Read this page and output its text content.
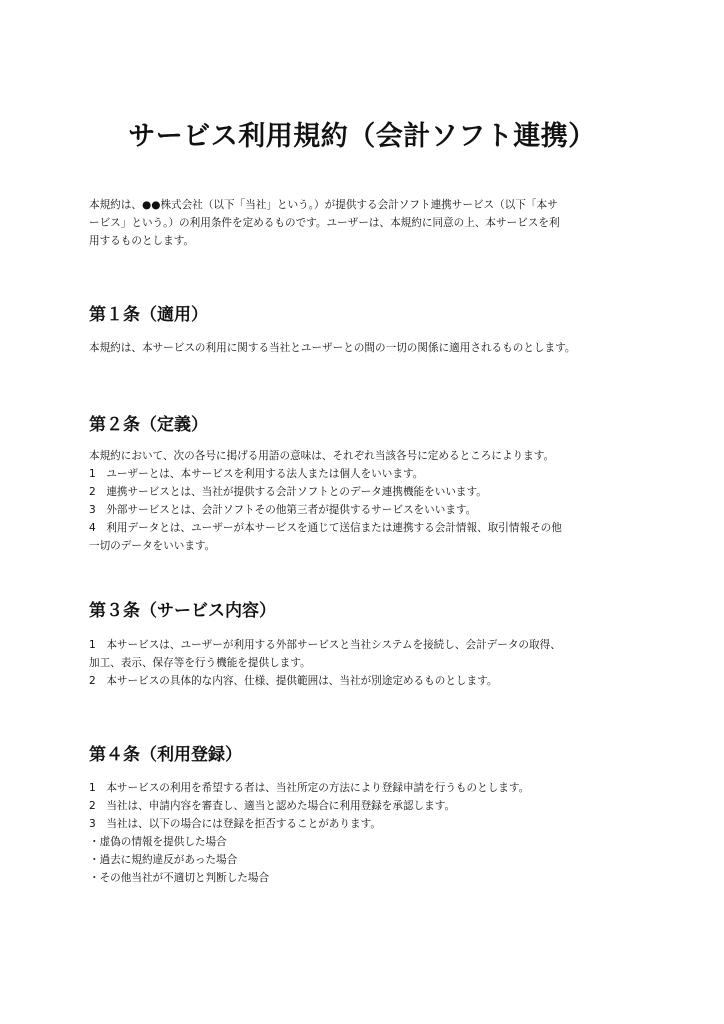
サービス利用規約（会計ソフト連携）

本規約は、●●株式会社（以下「当社」という。）が提供する会計ソフト連携サービス（以下「本サ
ービス」という。）の利用条件を定めるものです。ユーザーは、本規約に同意の上、本サービスを利
用するものとします。

第１条（適用）

本規約は、本サービスの利用に関する当社とユーザーとの間の一切の関係に適用されるものとします。

第２条（定義）

本規約において、次の各号に掲げる用語の意味は、それぞれ当該各号に定めるところによります。
1　ユーザーとは、本サービスを利用する法人または個人をいいます。
2　連携サービスとは、当社が提供する会計ソフトとのデータ連携機能をいいます。
3　外部サービスとは、会計ソフトその他第三者が提供するサービスをいいます。
4　利用データとは、ユーザーが本サービスを通じて送信または連携する会計情報、取引情報その他
一切のデータをいいます。

第３条（サービス内容）

1　本サービスは、ユーザーが利用する外部サービスと当社システムを接続し、会計データの取得、
加工、表示、保存等を行う機能を提供します。
2　本サービスの具体的な内容、仕様、提供範囲は、当社が別途定めるものとします。

第４条（利用登録）

1　本サービスの利用を希望する者は、当社所定の方法により登録申請を行うものとします。
2　当社は、申請内容を審査し、適当と認めた場合に利用登録を承認します。
3　当社は、以下の場合には登録を拒否することがあります。
・虚偽の情報を提供した場合
・過去に規約違反があった場合
・その他当社が不適切と判断した場合
